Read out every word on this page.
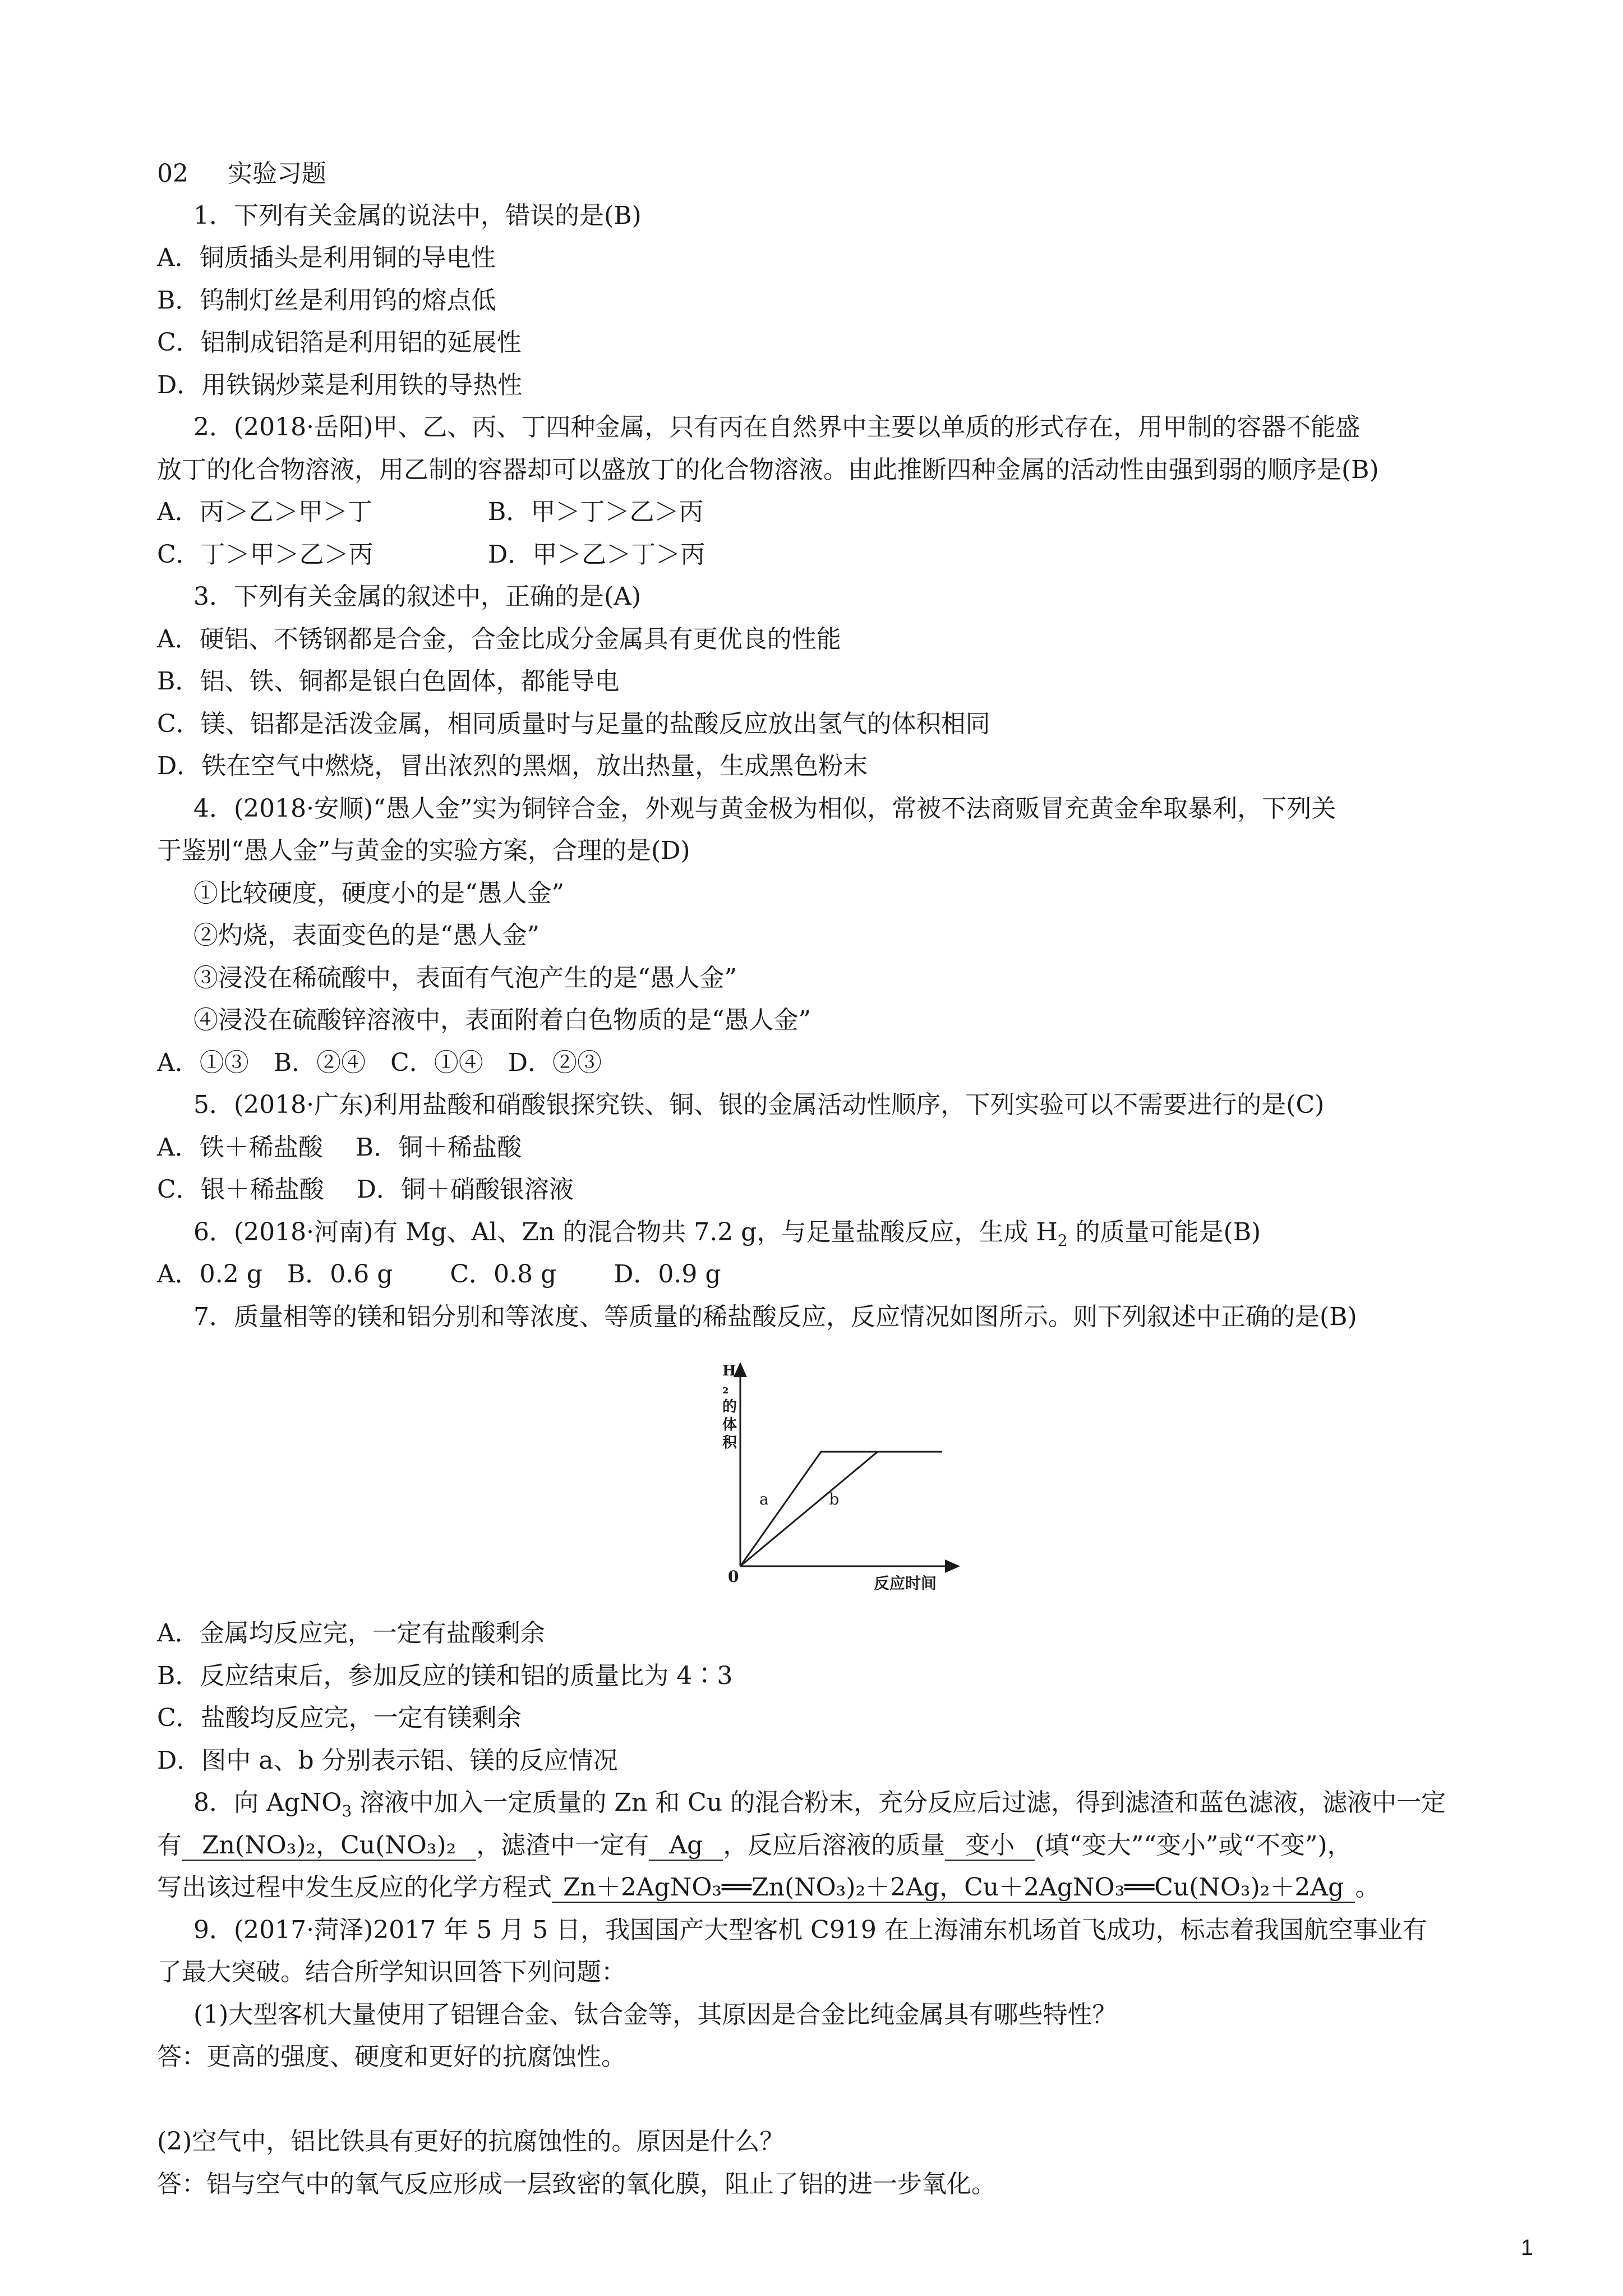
02 实验习题
1．下列有关金属的说法中，错误的是(B)
A．铜质插头是利用铜的导电性
B．钨制灯丝是利用钨的熔点低
C．铝制成铝箔是利用铝的延展性
D．用铁锅炒菜是利用铁的导热性
2．(2018·岳阳)甲、乙、丙、丁四种金属，只有丙在自然界中主要以单质的形式存在，用甲制的容器不能盛
放丁的化合物溶液，用乙制的容器却可以盛放丁的化合物溶液。由此推断四种金属的活动性由强到弱的顺序是(B)
A．丙＞乙＞甲＞丁	B．甲＞丁＞乙＞丙
C．丁＞甲＞乙＞丙	D．甲＞乙＞丁＞丙
3．下列有关金属的叙述中，正确的是(A)
A．硬铝、不锈钢都是合金，合金比成分金属具有更优良的性能
B．铝、铁、铜都是银白色固体，都能导电
C．镁、铝都是活泼金属，相同质量时与足量的盐酸反应放出氢气的体积相同
D．铁在空气中燃烧，冒出浓烈的黑烟，放出热量，生成黑色粉末
4．(2018·安顺)“愚人金”实为铜锌合金，外观与黄金极为相似，常被不法商贩冒充黄金牟取暴利，下列关
于鉴别“愚人金”与黄金的实验方案，合理的是(D)
①比较硬度，硬度小的是“愚人金”
②灼烧，表面变色的是“愚人金”
③浸没在稀硫酸中，表面有气泡产生的是“愚人金”
④浸没在硫酸锌溶液中，表面附着白色物质的是“愚人金”
A．①③　B．②④　C．①④　D．②③
5．(2018·广东)利用盐酸和硝酸银探究铁、铜、银的金属活动性顺序，下列实验可以不需要进行的是(C)
A．铁＋稀盐酸　 B．铜＋稀盐酸
C．银＋稀盐酸　 D．铜＋硝酸银溶液
6．(2018·河南)有 Mg、Al、Zn 的混合物共 7.2 g，与足量盐酸反应，生成 $H_2$ 的质量可能是(B)
A．0.2 g　B．0.6 g　　 C．0.8 g　　 D．0.9 g
7．质量相等的镁和铝分别和等浓度、等质量的稀盐酸反应，反应情况如图所示。则下列叙述中正确的是(B)
H ₂ 的体积
0	反应时间
a	b
A．金属均反应完，一定有盐酸剩余
B．反应结束后，参加反应的镁和铝的质量比为 4∶3
C．盐酸均反应完，一定有镁剩余
D．图中 a、b 分别表示铝、镁的反应情况
8．向 AgNO$_3$ 溶液中加入一定质量的 Zn 和 Cu 的混合粉末，充分反应后过滤，得到滤渣和蓝色滤液，滤液中一定
有 Zn(NO₃)₂，Cu(NO₃)₂ ，滤渣中一定有 Ag ，反应后溶液的质量 变小 (填“变大”“变小”或“不变”)，
写出该过程中发生反应的化学方程式 Zn＋2AgNO₃══Zn(NO₃)₂＋2Ag，Cu＋2AgNO₃══Cu(NO₃)₂＋2Ag 。
9．(2017·菏泽)2017 年 5 月 5 日，我国国产大型客机 C919 在上海浦东机场首飞成功，标志着我国航空事业有
了最大突破。结合所学知识回答下列问题：
(1)大型客机大量使用了铝锂合金、钛合金等，其原因是合金比纯金属具有哪些特性？
答：更高的强度、硬度和更好的抗腐蚀性。
(2)空气中，铝比铁具有更好的抗腐蚀性的。原因是什么？
答：铝与空气中的氧气反应形成一层致密的氧化膜，阻止了铝的进一步氧化。
1
